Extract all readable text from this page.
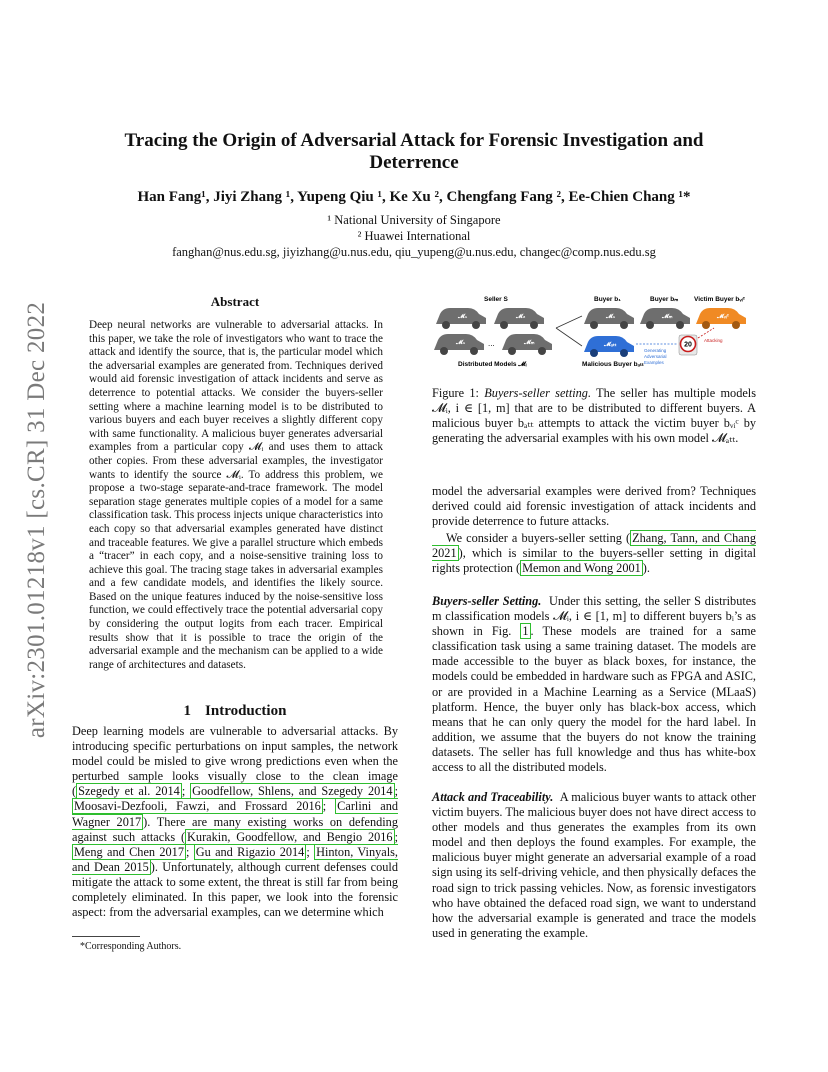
arXiv:2301.01218v1 [cs.CR] 31 Dec 2022
Tracing the Origin of Adversarial Attack for Forensic Investigation and Deterrence
Han Fang¹, Jiyi Zhang ¹, Yupeng Qiu ¹, Ke Xu ², Chengfang Fang ², Ee-Chien Chang ¹*
¹ National University of Singapore
² Huawei International
fanghan@nus.edu.sg, jiyizhang@u.nus.edu, qiu_yupeng@u.nus.edu, changec@comp.nus.edu.sg
Abstract
Deep neural networks are vulnerable to adversarial attacks. In this paper, we take the role of investigators who want to trace the attack and identify the source, that is, the particular model which the adversarial examples are generated from. Techniques derived would aid forensic investigation of attack incidents and serve as deterrence to potential attacks. We consider the buyers-seller setting where a machine learning model is to be distributed to various buyers and each buyer receives a slightly different copy with same functionality. A malicious buyer generates adversarial examples from a particular copy 𝓜ᵢ and uses them to attack other copies. From these adversarial examples, the investigator wants to identify the source 𝓜ᵢ. To address this problem, we propose a two-stage separate-and-trace framework. The model separation stage generates multiple copies of a model for a same classification task. This process injects unique characteristics into each copy so that adversarial examples generated have distinct and traceable features. We give a parallel structure which embeds a “tracer” in each copy, and a noise-sensitive training loss to achieve this goal. The tracing stage takes in adversarial examples and a few candidate models, and identifies the likely source. Based on the unique features induced by the noise-sensitive loss function, we could effectively trace the potential adversarial copy by considering the output logits from each tracer. Empirical results show that it is possible to trace the origin of the adversarial example and the mechanism can be applied to a wide range of architectures and datasets.
1 Introduction
Deep learning models are vulnerable to adversarial attacks. By introducing specific perturbations on input samples, the network model could be misled to give wrong predictions even when the perturbed sample looks visually close to the clean image ( Szegedy et al. 2014 ; Goodfellow, Shlens, and Szegedy 2014 ; Moosavi-Dezfooli, Fawzi, and Frossard 2016 ; Carlini and Wagner 2017 ). There are many existing works on defending against such attacks ( Kurakin, Goodfellow, and Bengio 2016 ; Meng and Chen 2017 ; Gu and Rigazio 2014 ; Hinton, Vinyals, and Dean 2015 ). Unfortunately, although current defenses could mitigate the attack to some extent, the threat is still far from being completely eliminated. In this paper, we look into the forensic aspect: from the adversarial examples, can we determine which
*Corresponding Authors.
Seller S	Buyer b₁	Buyer bₘ Victim Buyer bᵥᵢᶜ
𝓜₁	𝓜₂
𝓜₁	...	𝓜ₘ
Distributed Models 𝓜ᵢ
𝓜₁	𝓜ₘ
𝓜ₐₜₜ
𝓜ᵥᵢᶜ
Malicious Buyer bₐₜₜ
Generating
Adversarial
Examples
20
Attacking
Figure 1: Buyers-seller setting. The seller has multiple models 𝓜ᵢ, i ∈ [1, m] that are to be distributed to different buyers. A malicious buyer bₐₜₜ attempts to attack the victim buyer bᵥᵢᶜ by generating the adversarial examples with his own model 𝓜ₐₜₜ.
model the adversarial examples were derived from? Techniques derived could aid forensic investigation of attack incidents and provide deterrence to future attacks.
We consider a buyers-seller setting ( Zhang, Tann, and Chang 2021 ), which is similar to the buyers-seller setting in digital rights protection ( Memon and Wong 2001 ).
Buyers-seller Setting. Under this setting, the seller S distributes m classification models 𝓜ᵢ, i ∈ [1, m] to different buyers bᵢ’s as shown in Fig. 1 . These models are trained for a same classification task using a same training dataset. The models are made accessible to the buyer as black boxes, for instance, the models could be embedded in hardware such as FPGA and ASIC, or are provided in a Machine Learning as a Service (MLaaS) platform. Hence, the buyer only has black-box access, which means that he can only query the model for the hard label. In addition, we assume that the buyers do not know the training datasets. The seller has full knowledge and thus has white-box access to all the distributed models.
Attack and Traceability. A malicious buyer wants to attack other victim buyers. The malicious buyer does not have direct access to other models and thus generates the examples from its own model and then deploys the found examples. For example, the malicious buyer might generate an adversarial example of a road sign using its self-driving vehicle, and then physically defaces the road sign to trick passing vehicles. Now, as forensic investigators who have obtained the defaced road sign, we want to understand how the adversarial example is generated and trace the models used in generating the example.
